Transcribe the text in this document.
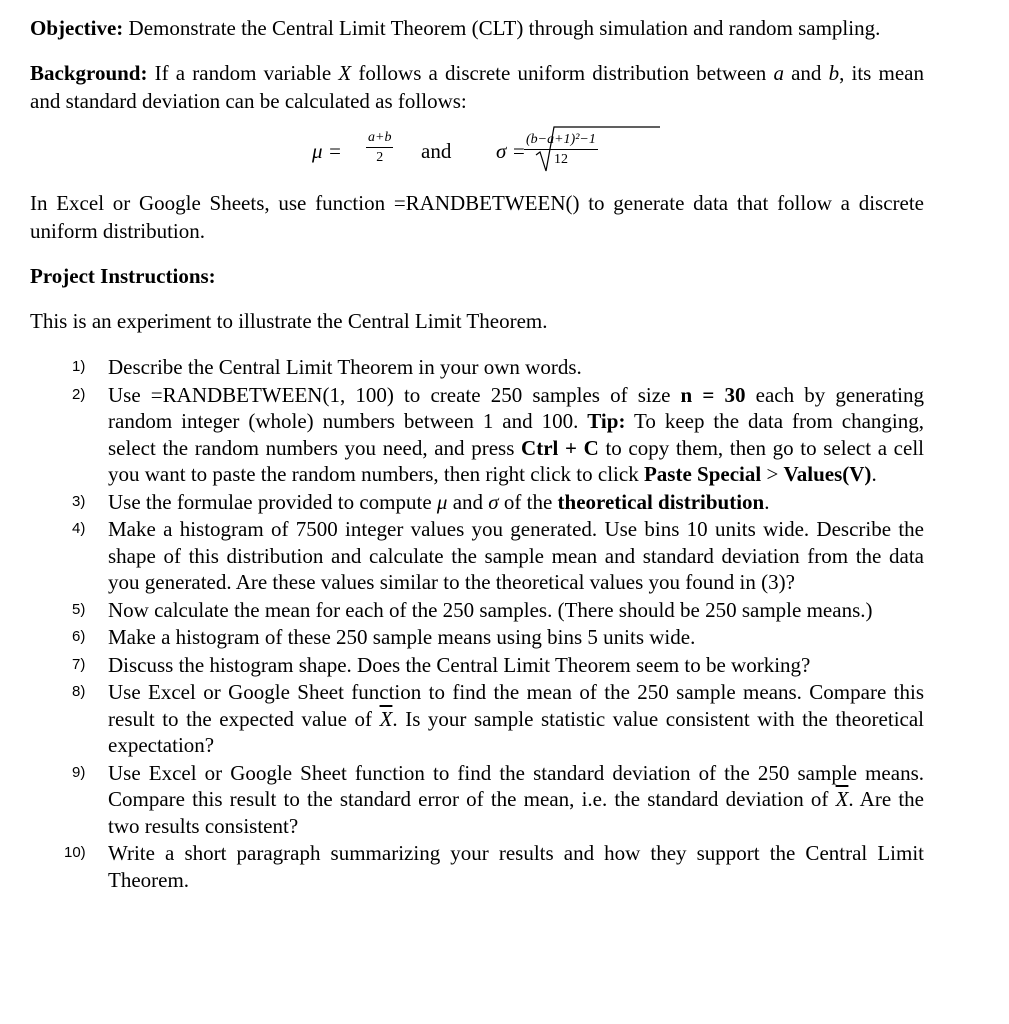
Objective: Demonstrate the Central Limit Theorem (CLT) through simulation and random sampling.

Background: If a random variable X follows a discrete uniform distribution between a and b, its mean and standard deviation can be calculated as follows:

$\mu = \frac{a+b}{2}$ and σ =
$\frac{\text{(b−a+1)²−1}}{12}$

In Excel or Google Sheets, use function =RANDBETWEEN() to generate data that follow a discrete uniform distribution.

Project Instructions:

This is an experiment to illustrate the Central Limit Theorem.

1) Describe the Central Limit Theorem in your own words.
2) Use =RANDBETWEEN(1, 100) to create 250 samples of size n = 30 each by generating random integer (whole) numbers between 1 and 100. Tip: To keep the data from changing, select the random numbers you need, and press Ctrl + C to copy them, then go to select a cell you want to paste the random numbers, then right click to click Paste Special > Values(V).
3) Use the formulae provided to compute μ and σ of the theoretical distribution.
4) Make a histogram of 7500 integer values you generated. Use bins 10 units wide. Describe the shape of this distribution and calculate the sample mean and standard deviation from the data you generated. Are these values similar to the theoretical values you found in (3)?
5) Now calculate the mean for each of the 250 samples. (There should be 250 sample means.)
6) Make a histogram of these 250 sample means using bins 5 units wide.
7) Discuss the histogram shape. Does the Central Limit Theorem seem to be working?
8) Use Excel or Google Sheet function to find the mean of the 250 sample means. Compare this result to the expected value of $\overline{X}$. Is your sample statistic value consistent with the theoretical expectation?
9) Use Excel or Google Sheet function to find the standard deviation of the 250 sample means. Compare this result to the standard error of the mean, i.e. the standard deviation of $\overline{X}$. Are the two results consistent?
10) Write a short paragraph summarizing your results and how they support the Central Limit Theorem.
